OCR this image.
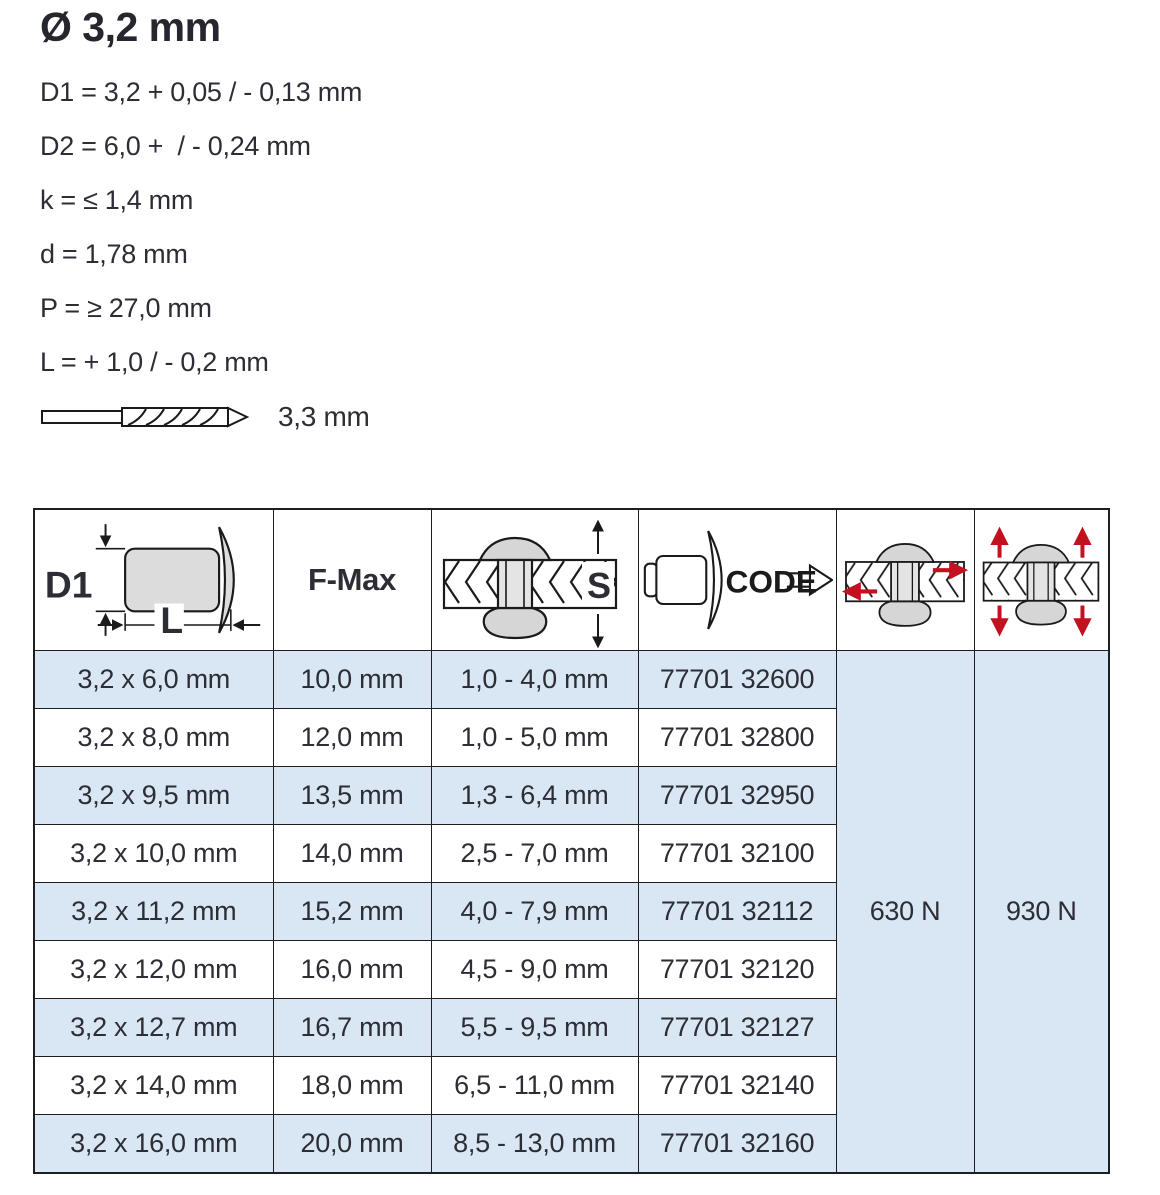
Ø 3,2 mm
D1 = 3,2 + 0,05 / - 0,13 mm
D2 = 6,0 +  / - 0,24 mm
k = ≤ 1,4 mm
d = 1,78 mm
P = ≥ 27,0 mm
L = + 1,0 / - 0,2 mm
3,3 mm
D1
L	F-Max	S	CODE

3,2 x 6,0 mm	10,0 mm	1,0 - 4,0 mm	77701 32600	630 N	930 N
3,2 x 8,0 mm	12,0 mm	1,0 - 5,0 mm	77701 32800		
3,2 x 9,5 mm	13,5 mm	1,3 - 6,4 mm	77701 32950		
3,2 x 10,0 mm	14,0 mm	2,5 - 7,0 mm	77701 32100		
3,2 x 11,2 mm	15,2 mm	4,0 - 7,9 mm	77701 32112		
3,2 x 12,0 mm	16,0 mm	4,5 - 9,0 mm	77701 32120		
3,2 x 12,7 mm	16,7 mm	5,5 - 9,5 mm	77701 32127		
3,2 x 14,0 mm	18,0 mm	6,5 - 11,0 mm	77701 32140		
3,2 x 16,0 mm	20,0 mm	8,5 - 13,0 mm	77701 32160		
